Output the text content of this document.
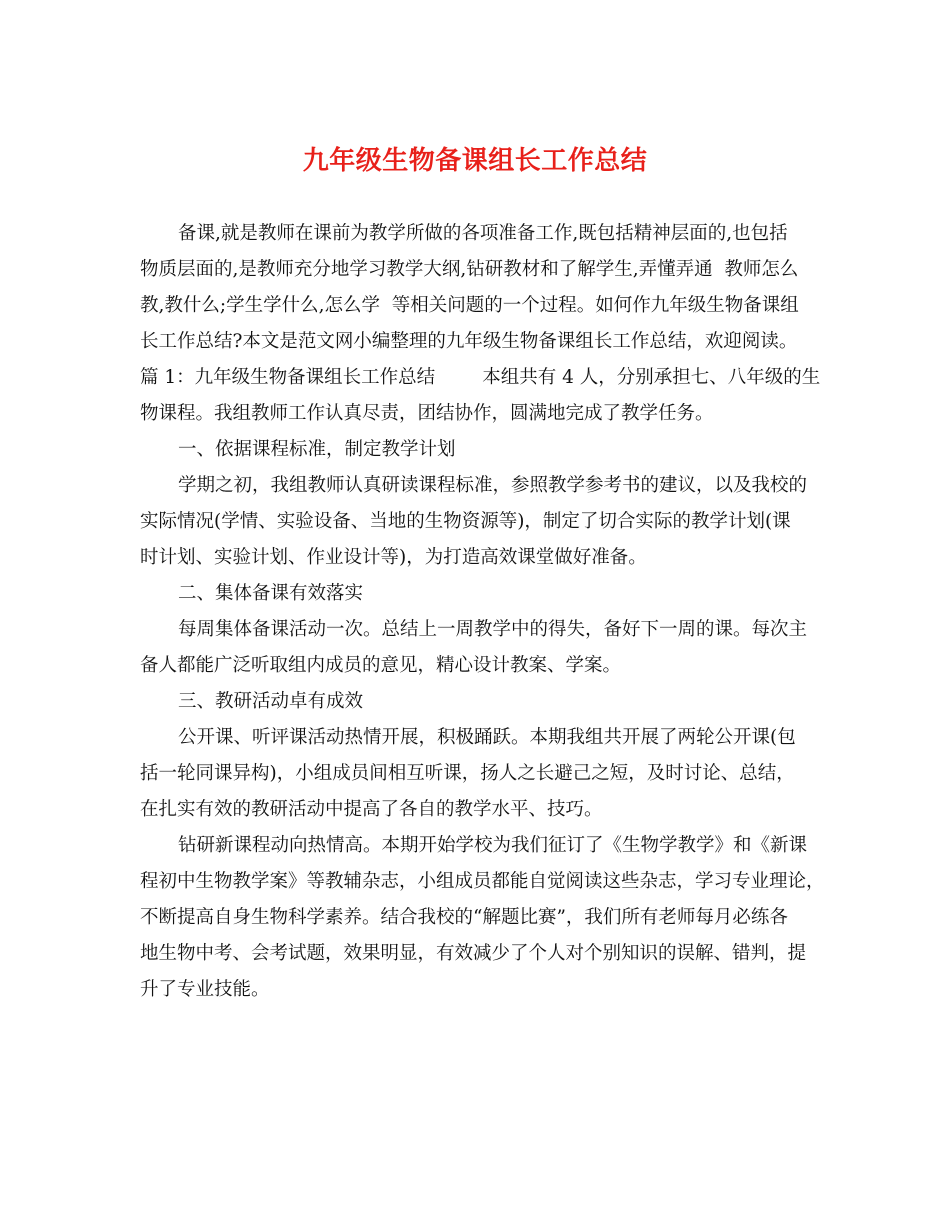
九年级生物备课组长工作总结
备课,就是教师在课前为教学所做的各项准备工作,既包括精神层面的,也包括
物质层面的,是教师充分地学习教学大纲,钻研教材和了解学生,弄懂弄通  教师怎么
教,教什么;学生学什么,怎么学  等相关问题的一个过程。如何作九年级生物备课组
长工作总结?本文是范文网小编整理的九年级生物备课组长工作总结，欢迎阅读。
篇 1：九年级生物备课组长工作总结        本组共有 4 人，分别承担七、八年级的生
物课程。我组教师工作认真尽责，团结协作，圆满地完成了教学任务。
一、依据课程标准，制定教学计划
学期之初，我组教师认真研读课程标准，参照教学参考书的建议，以及我校的
实际情况(学情、实验设备、当地的生物资源等)，制定了切合实际的教学计划(课
时计划、实验计划、作业设计等)，为打造高效课堂做好准备。
二、集体备课有效落实
每周集体备课活动一次。总结上一周教学中的得失，备好下一周的课。每次主
备人都能广泛听取组内成员的意见，精心设计教案、学案。
三、教研活动卓有成效
公开课、听评课活动热情开展，积极踊跃。本期我组共开展了两轮公开课(包
括一轮同课异构)，小组成员间相互听课，扬人之长避己之短，及时讨论、总结，
在扎实有效的教研活动中提高了各自的教学水平、技巧。
钻研新课程动向热情高。本期开始学校为我们征订了《生物学教学》和《新课
程初中生物教学案》等教辅杂志，小组成员都能自觉阅读这些杂志，学习专业理论，
不断提高自身生物科学素养。结合我校的“解题比赛”，我们所有老师每月必练各
地生物中考、会考试题，效果明显，有效减少了个人对个别知识的误解、错判，提
升了专业技能。
